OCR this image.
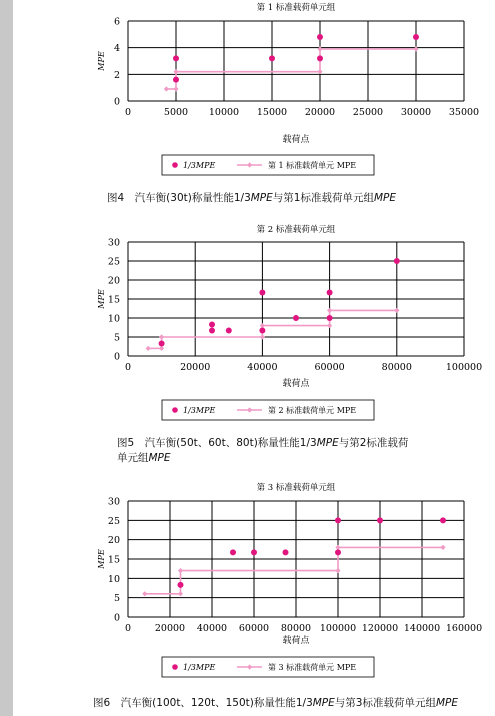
第 1 标准载荷单元组
0
2
4
6
0	5000 10000 15000 20000 25000 30000 35000
载荷点
MPE
1/3MPE	第 1 标准载荷单元 MPE
第 2 标准载荷单元组
0
5
10
15
20
25
30
0	20000	40000	60000	80000	100000
载荷点
MPE
1/3MPE	第 2 标准载荷单元 MPE
第 3 标准载荷单元组
0
5
10
15
20
25
30
0	20000 40000 60000 80000 100000 120000 140000 160000
载荷点
MPE
1/3MPE	第 3 标准载荷单元 MPE
图4　汽车衡(30t)称量性能1/3MPE与第1标准载荷单元组MPE
图5　汽车衡(50t、60t、80t)称量性能1/3MPE与第2标准载荷
单元组MPE
图6　汽车衡(100t、120t、150t)称量性能1/3MPE与第3标准载荷单元组MPE
